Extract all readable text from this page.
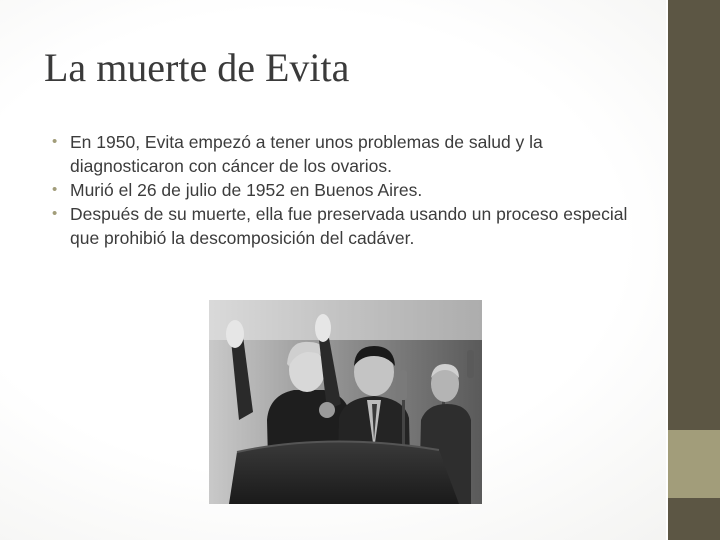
La muerte de Evita
• En 1950, Evita empezó a tener unos problemas de salud y la diagnosticaron con cáncer de los ovarios.
• Murió el 26 de julio de 1952 en Buenos Aires.
• Después de su muerte, ella fue preservada usando un proceso especial que prohibió la descomposición del cadáver.
